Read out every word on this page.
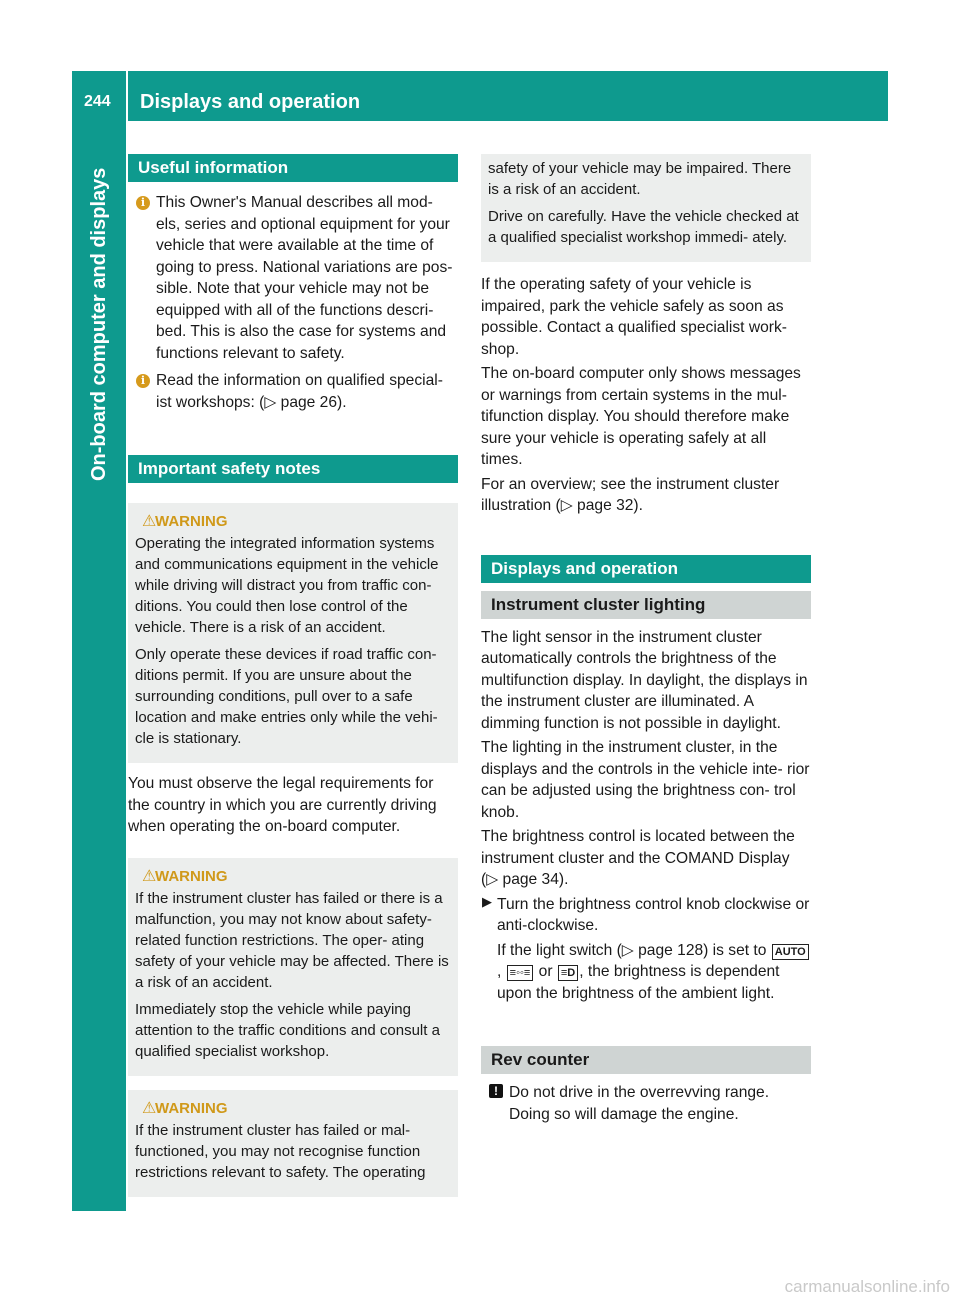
244	Displays and operation
On-board computer and displays
Useful information
i This Owner's Manual describes all mod- els, series and optional equipment for your vehicle that were available at the time of going to press. National variations are pos- sible. Note that your vehicle may not be equipped with all of the functions descri- bed. This is also the case for systems and functions relevant to safety.
i Read the information on qualified special- ist workshops: (▷ page 26).
Important safety notes
⚠
WARNING

Operating the integrated information systems and communications equipment in the vehicle while driving will distract you from traffic con- ditions. You could then lose control of the vehicle. There is a risk of an accident.

Only operate these devices if road traffic con- ditions permit. If you are unsure about the surrounding conditions, pull over to a safe location and make entries only while the vehi- cle is stationary.

You must observe the legal requirements for the country in which you are currently driving when operating the on-board computer.

⚠
WARNING

If the instrument cluster has failed or there is a malfunction, you may not know about safety-related function restrictions. The oper- ating safety of your vehicle may be affected. There is a risk of an accident.

Immediately stop the vehicle while paying attention to the traffic conditions and consult a qualified specialist workshop.

⚠
WARNING

If the instrument cluster has failed or mal- functioned, you may not recognise function restrictions relevant to safety. The operating

safety of your vehicle may be impaired. There is a risk of an accident.

Drive on carefully. Have the vehicle checked at a qualified specialist workshop immedi- ately.

If the operating safety of your vehicle is impaired, park the vehicle safely as soon as possible. Contact a qualified specialist work- shop.

The on-board computer only shows messages or warnings from certain systems in the mul- tifunction display. You should therefore make sure your vehicle is operating safely at all times.

For an overview; see the instrument cluster illustration (▷ page 32).

Displays and operation
Instrument cluster lighting

The light sensor in the instrument cluster automatically controls the brightness of the multifunction display. In daylight, the displays in the instrument cluster are illuminated. A dimming function is not possible in daylight.

The lighting in the instrument cluster, in the displays and the controls in the vehicle inte- rior can be adjusted using the brightness con- trol knob.

The brightness control is located between the instrument cluster and the COMAND Display (▷ page 34).

▶ Turn the brightness control knob clockwise or anti-clockwise.

If the light switch (▷ page 128) is set to AUTO, ≡◦◦≡ or ≡D , the brightness is dependent upon the brightness of the ambient light.

Rev counter
! Do not drive in the overrevving range. Doing so will damage the engine.
carmanualsonline.info
